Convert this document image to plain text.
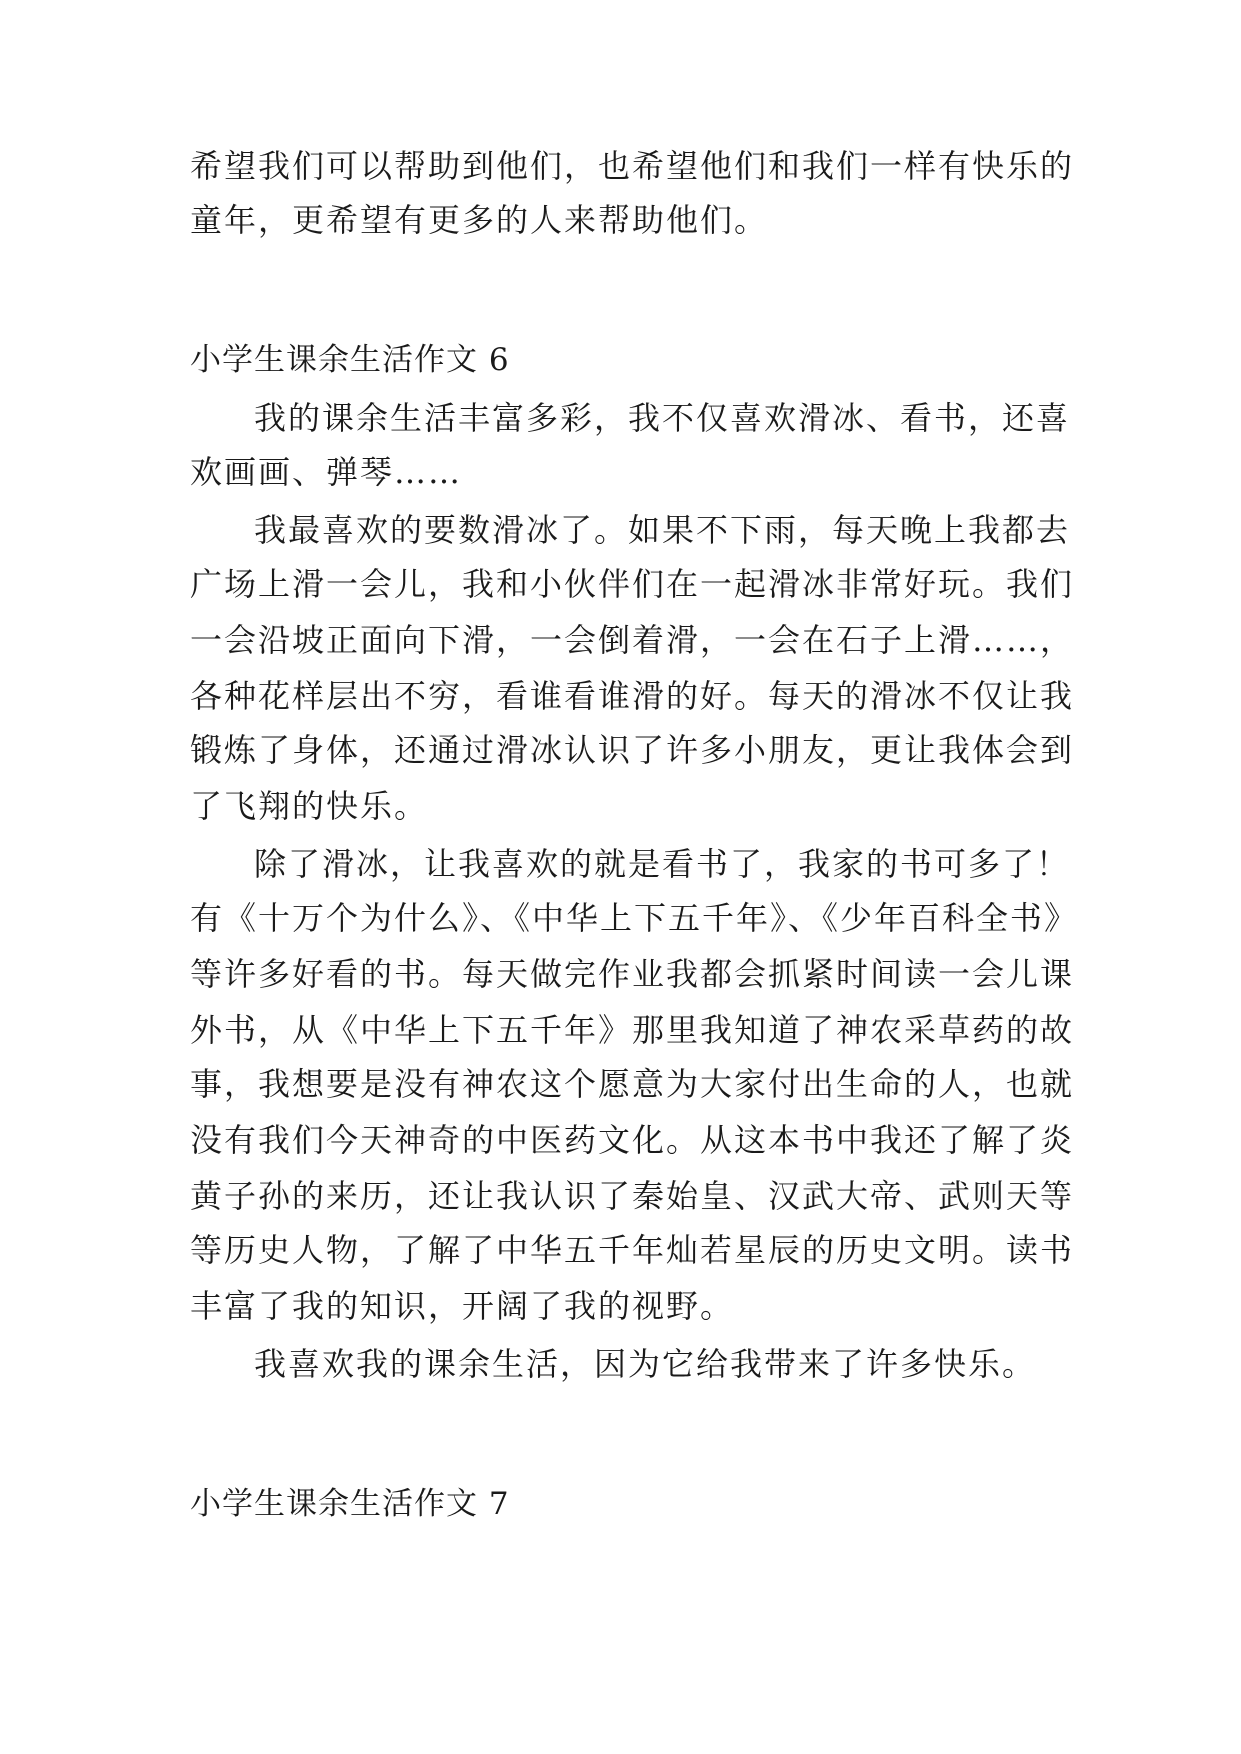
希望我们可以帮助到他们，也希望他们和我们一样有快乐的
童年，更希望有更多的人来帮助他们。
小学生课余生活作文 6
我的课余生活丰富多彩，我不仅喜欢滑冰、看书，还喜
欢画画、弹琴……
我最喜欢的要数滑冰了。如果不下雨，每天晚上我都去
广场上滑一会儿，我和小伙伴们在一起滑冰非常好玩。我们
一会沿坡正面向下滑，一会倒着滑，一会在石子上滑……，
各种花样层出不穷，看谁看谁滑的好。每天的滑冰不仅让我
锻炼了身体，还通过滑冰认识了许多小朋友，更让我体会到
了飞翔的快乐。
除了滑冰，让我喜欢的就是看书了，我家的书可多了！
有《十万个为什么》、《中华上下五千年》、《少年百科全书》
等许多好看的书。每天做完作业我都会抓紧时间读一会儿课
外书，从《中华上下五千年》那里我知道了神农采草药的故
事，我想要是没有神农这个愿意为大家付出生命的人，也就
没有我们今天神奇的中医药文化。从这本书中我还了解了炎
黄子孙的来历，还让我认识了秦始皇、汉武大帝、武则天等
等历史人物，了解了中华五千年灿若星辰的历史文明。读书
丰富了我的知识，开阔了我的视野。
我喜欢我的课余生活，因为它给我带来了许多快乐。
小学生课余生活作文 7
